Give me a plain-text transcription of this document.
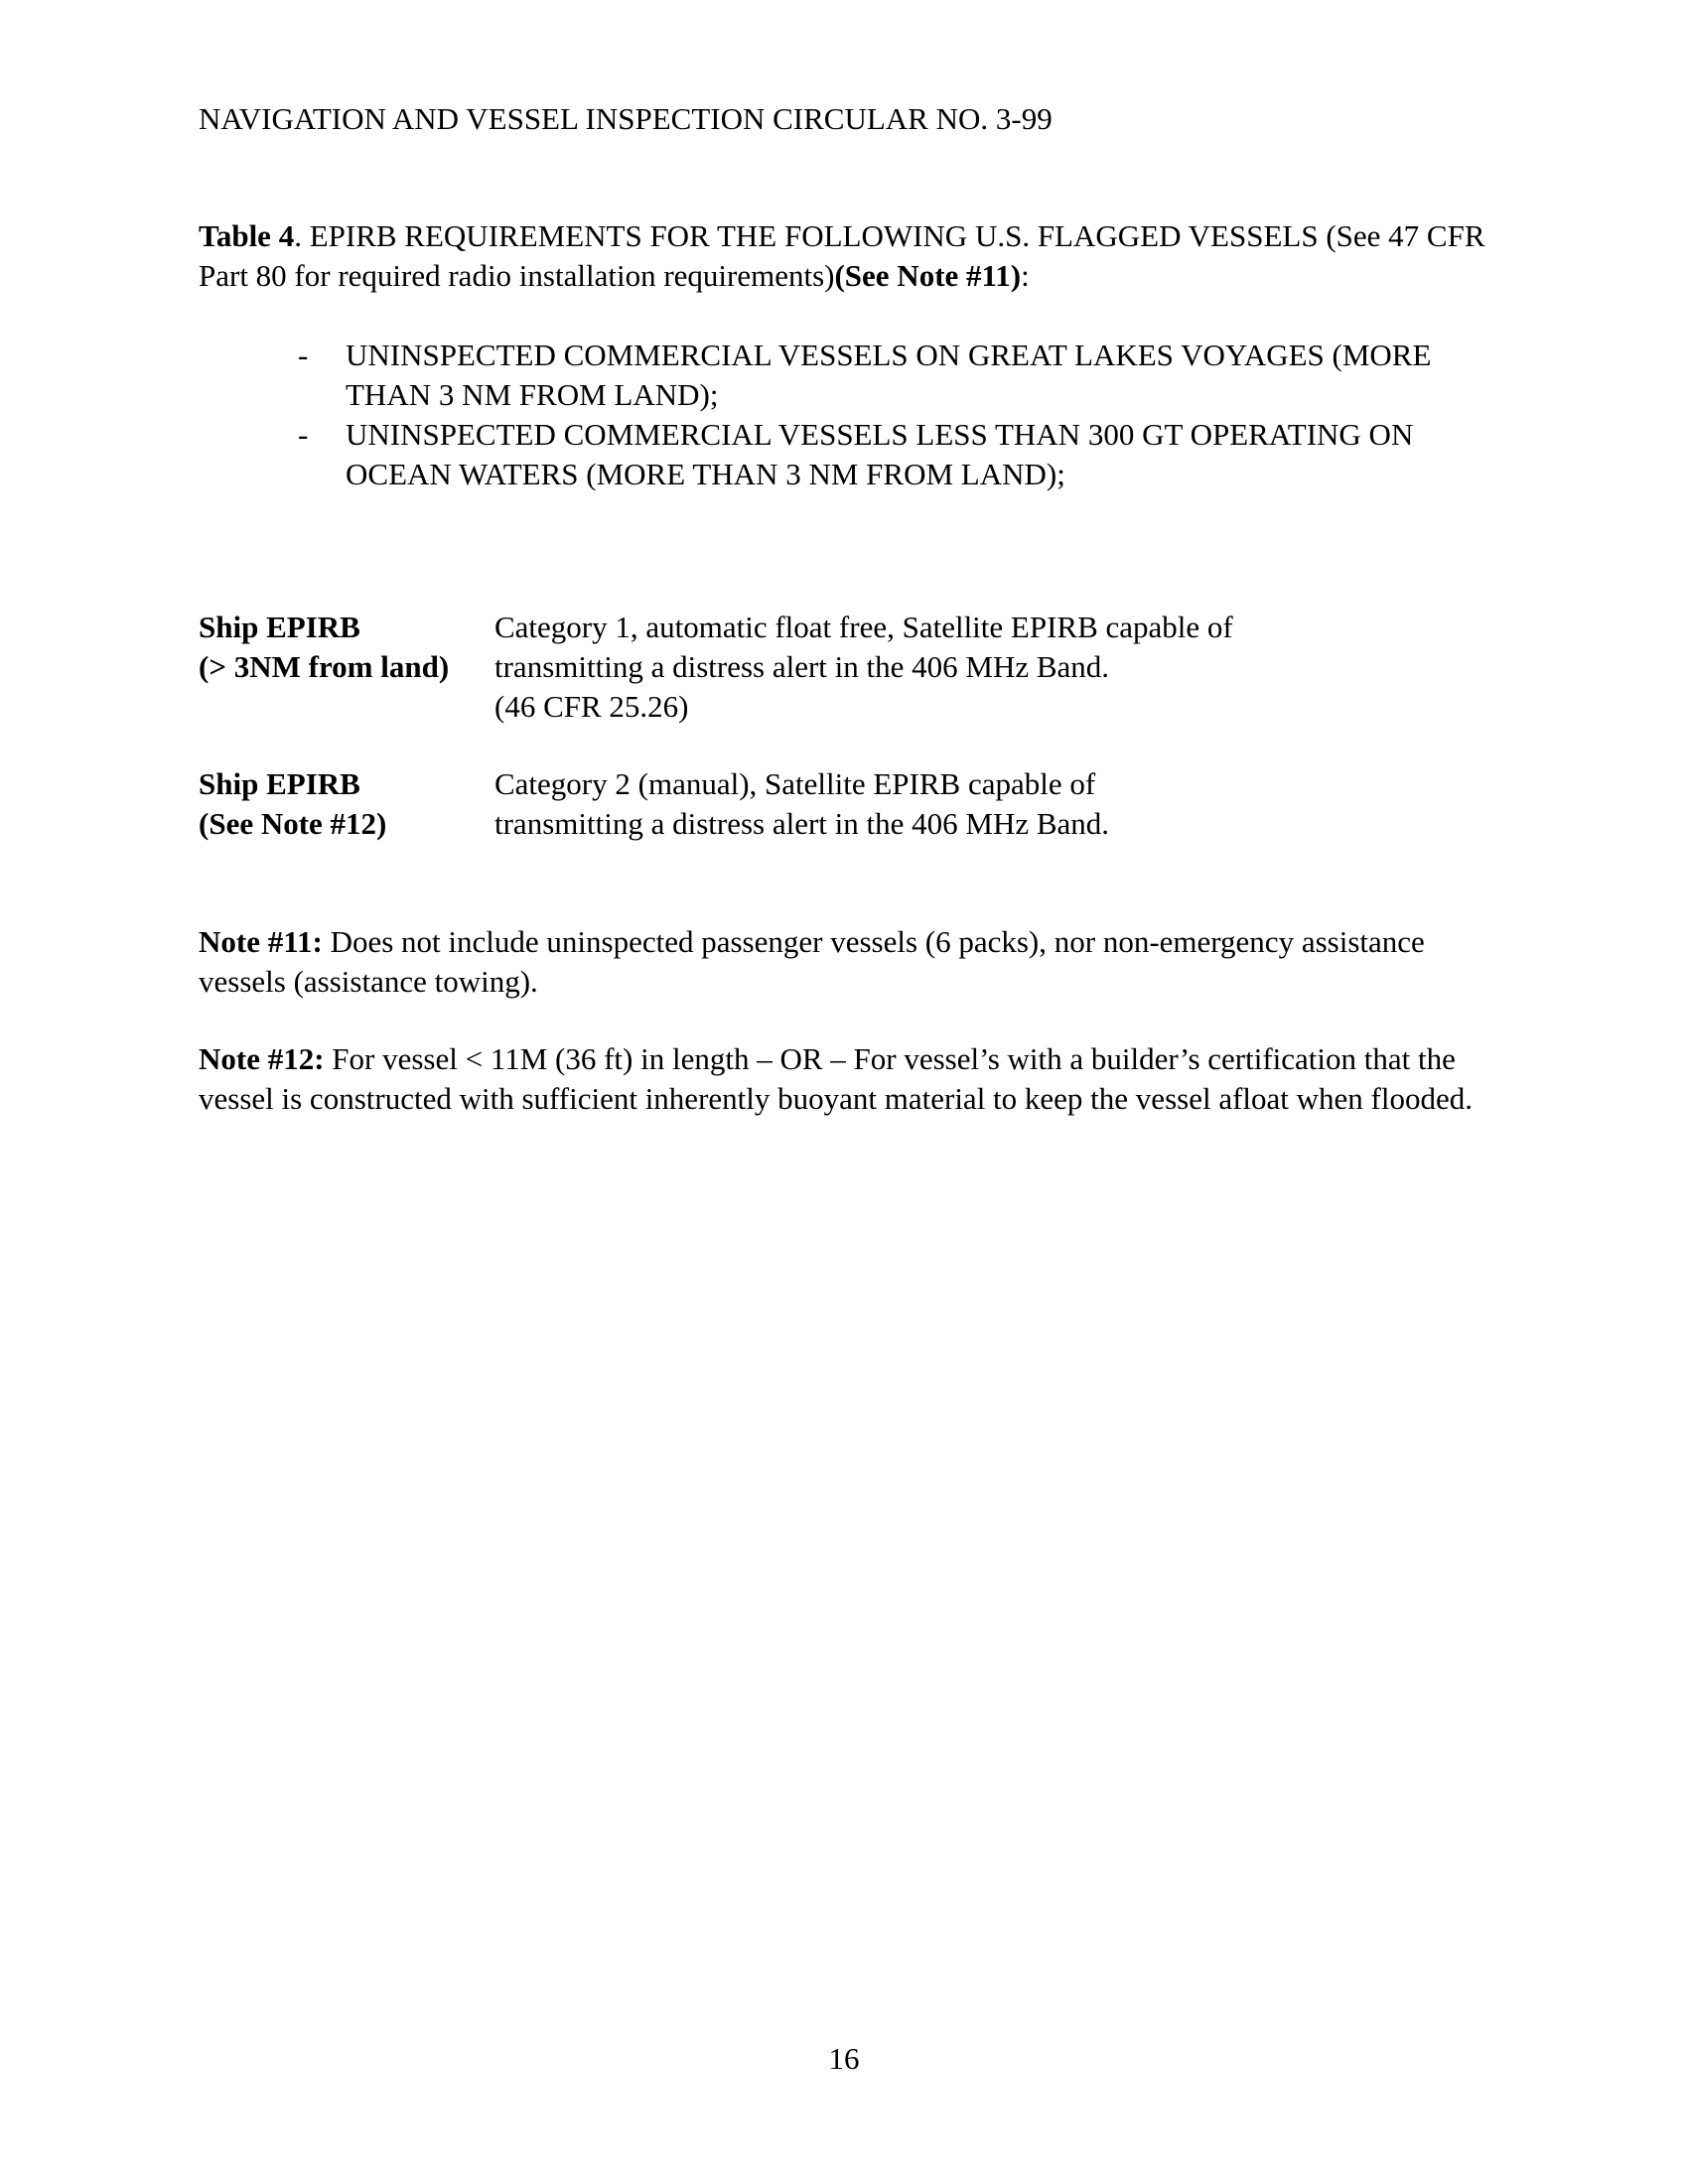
NAVIGATION AND VESSEL INSPECTION CIRCULAR NO. 3-99

Table 4. EPIRB REQUIREMENTS FOR THE FOLLOWING U.S. FLAGGED VESSELS (See 47 CFR Part 80 for required radio installation requirements)(See Note #11):

- UNINSPECTED COMMERCIAL VESSELS ON GREAT LAKES VOYAGES (MORE THAN 3 NM FROM LAND);
- UNINSPECTED COMMERCIAL VESSELS LESS THAN 300 GT OPERATING ON OCEAN WATERS (MORE THAN 3 NM FROM LAND);
Ship EPIRB
(> 3NM from land)
Category 1, automatic float free, Satellite EPIRB capable of
transmitting a distress alert in the 406 MHz Band.
(46 CFR 25.26)
Ship EPIRB
(See Note #12)
Category 2 (manual), Satellite EPIRB capable of
transmitting a distress alert in the 406 MHz Band.

Note #11: Does not include uninspected passenger vessels (6 packs), nor non-emergency assistance vessels (assistance towing).

Note #12: For vessel < 11M (36 ft) in length – OR – For vessel’s with a builder’s certification that the vessel is constructed with sufficient inherently buoyant material to keep the vessel afloat when flooded.

16
